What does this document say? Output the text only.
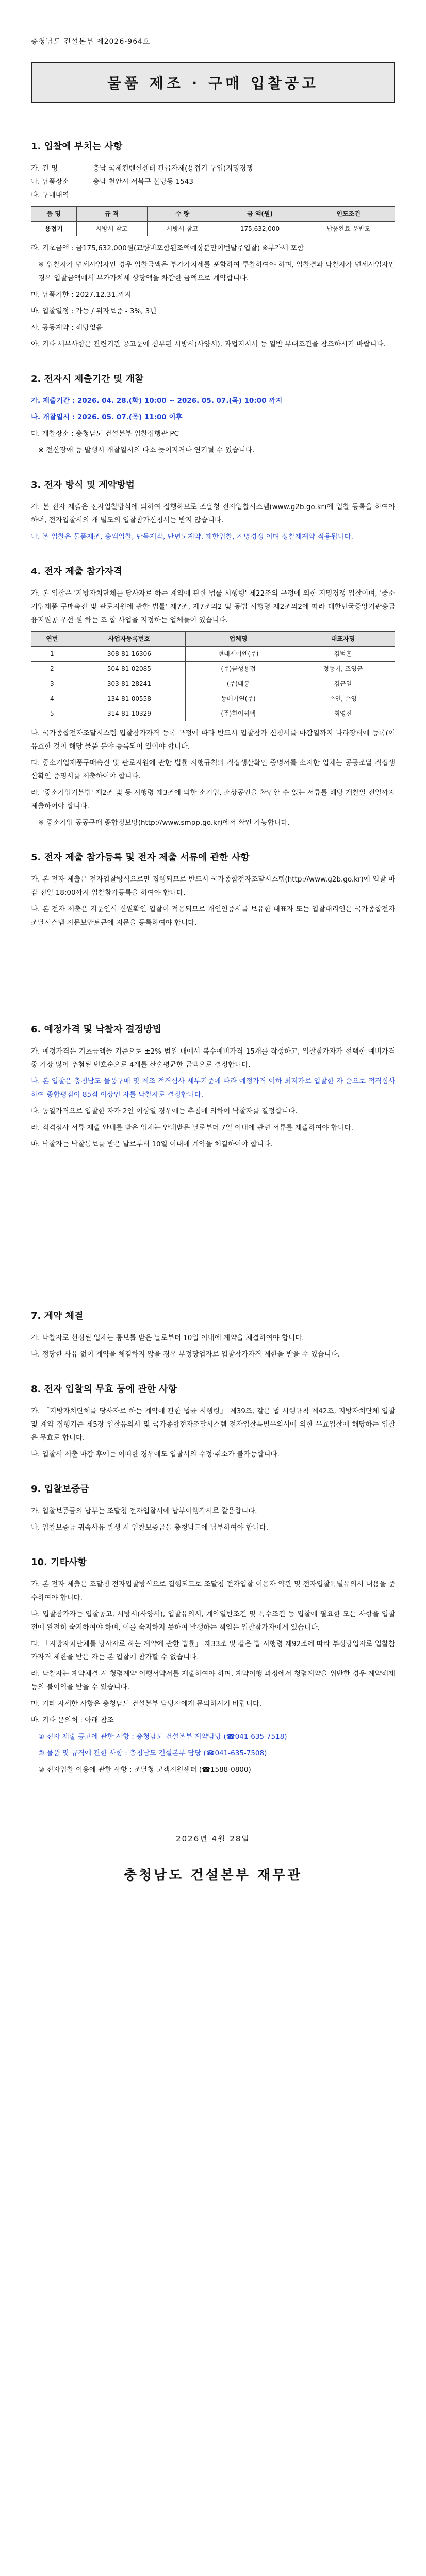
충청남도 건설본부 제2026-964호
물품 제조 · 구매 입찰공고
1. 입찰에 부치는 사항
가. 건 명	충남 국제컨벤션센터 관급자재(용접기 구입)지명경쟁
나. 납품장소	충남 천안시 서북구 불당동 1543
다. 구매내역
품 명	규 격	수 량	금 액(원)	인도조건
용접기	시방서 참고	시방서 참고	175,632,000	납품완료 운반도

라. 기초금액 : 금175,632,000원(교량비포함된조액예상분만이번발주입찰) ※부가세 포함

※ 입찰자가 면세사업자인 경우 입찰금액은 부가가치세를 포함하여 투찰하여야 하며, 입찰결과 낙찰자가 면세사업자인 경우 입찰금액에서 부가가치세 상당액을 차감한 금액으로 계약합니다.

마. 납품기한 : 2027.12.31.까지

바. 입찰일정 : 가능 / 위자보증 - 3%, 3년

사. 공동계약 : 해당없음

아. 기타 세부사항은 관련기관 공고문에 첨부된 시방서(사양서), 과업지시서 등 일반 부대조건을 참조하시기 바랍니다.

2. 전자시 제출기간 및 개찰

가. 제출기간 : 2026. 04. 28.(화) 10:00 ~ 2026. 05. 07.(목) 10:00 까지

나. 개찰일시 : 2026. 05. 07.(목) 11:00 이후

다. 개찰장소 : 충청남도 건설본부 입찰집행관 PC

※ 전산장애 등 발생시 개찰일시의 다소 늦어지거나 연기될 수 있습니다.

3. 전자 방식 및 계약방법

가. 본 전자 제출은 전자입찰방식에 의하여 집행하므로 조달청 전자입찰시스템(www.g2b.go.kr)에 입찰 등록을 하여야 하며, 전자입찰서의 개 별도의 입찰참가신청서는 받지 않습니다.

나. 본 입찰은 물품제조, 총액입찰, 단독제작, 단년도계약, 제한입찰, 지명경쟁 이며 정찰제계약 적용됩니다.

4. 전자 제출 참가자격

가. 본 입찰은 '지방자치단체를 당사자로 하는 계약에 관한 법률 시행령' 제22조의 규정에 의한 지명경쟁 입찰이며, '중소기업제품 구매촉진 및 판로지원에 관한 법률' 제7조, 제7조의2 및 동법 시행령 제2조의2에 따라 대한민국중앙기관총금융지원공 우선 원 하는 조 합 사업을 지정하는 업체들이 있습니다.

연번	사업자등록번호	업체명	대표자명
1	308-81-16306	현대제이엔(주)	김범훈
2	504-81-02085	(주)금성용접	정동기, 조영균
3	303-81-28241	(주)태봉	김근일
4	134-81-00558	동배기연(주)	손인, 손영
5	314-81-10329	(주)한이씨텍	최영진

나. 국가종합전자조달시스템 입찰참가자격 등록 규정에 따라 반드시 입찰참가 신청서를 마감일까지 나라장터에 등록(이 유효한 것이 해당 물품 분야 등록되어 있어야 합니다.

다. 중소기업제품구매촉진 및 판로지원에 관한 법률 시행규칙의 직접생산확인 증명서를 소지한 업체는 공공조달 직접생산확인 증명서를 제출하여야 합니다.

라. '중소기업기본법' 제2조 및 동 시행령 제3조에 의한 소기업, 소상공인을 확인할 수 있는 서류를 해당 개찰일 전일까지 제출하여야 합니다.

※ 중소기업 공공구매 종합정보망(http://www.smpp.go.kr)에서 확인 가능합니다.

5. 전자 제출 참가등록 및 전자 제출 서류에 관한 사항

가. 본 전자 제출은 전자입찰방식으로만 집행되므로 반드시 국가종합전자조달시스템(http://www.g2b.go.kr)에 입찰 마감 전일 18:00까지 입찰참가등록을 하여야 합니다.

나. 본 전자 제출은 지문인식 신원확인 입찰이 적용되므로 개인인증서를 보유한 대표자 또는 입찰대리인은 국가종합전자조달시스템 지문보안토큰에 지문을 등록하여야 합니다.

6. 예정가격 및 낙찰자 결정방법

가. 예정가격은 기초금액을 기준으로 ±2% 범위 내에서 복수예비가격 15개를 작성하고, 입찰참가자가 선택한 예비가격 중 가장 많이 추첨된 번호순으로 4개를 산술평균한 금액으로 결정합니다.

나. 본 입찰은 충청남도 물품구매 및 제조 적격심사 세부기준에 따라 예정가격 이하 최저가로 입찰한 자 순으로 적격심사하여 종합평점이 85점 이상인 자를 낙찰자로 결정합니다.

다. 동일가격으로 입찰한 자가 2인 이상일 경우에는 추첨에 의하여 낙찰자를 결정합니다.

라. 적격심사 서류 제출 안내를 받은 업체는 안내받은 날로부터 7일 이내에 관련 서류를 제출하여야 합니다.

마. 낙찰자는 낙찰통보를 받은 날로부터 10일 이내에 계약을 체결하여야 합니다.

7. 계약 체결

가. 낙찰자로 선정된 업체는 통보를 받은 날로부터 10일 이내에 계약을 체결하여야 합니다.

나. 정당한 사유 없이 계약을 체결하지 않을 경우 부정당업자로 입찰참가자격 제한을 받을 수 있습니다.

8. 전자 입찰의 무효 등에 관한 사항

가. 「지방자치단체를 당사자로 하는 계약에 관한 법률 시행령」 제39조, 같은 법 시행규칙 제42조, 지방자치단체 입찰 및 계약 집행기준 제5장 입찰유의서 및 국가종합전자조달시스템 전자입찰특별유의서에 의한 무효입찰에 해당하는 입찰은 무효로 합니다.

나. 입찰서 제출 마감 후에는 어떠한 경우에도 입찰서의 수정·취소가 불가능합니다.

9. 입찰보증금

가. 입찰보증금의 납부는 조달청 전자입찰서에 납부이행각서로 갈음합니다.

나. 입찰보증금 귀속사유 발생 시 입찰보증금을 충청남도에 납부하여야 합니다.

10. 기타사항

가. 본 전자 제출은 조달청 전자입찰방식으로 집행되므로 조달청 전자입찰 이용자 약관 및 전자입찰특별유의서 내용을 준수하여야 합니다.

나. 입찰참가자는 입찰공고, 시방서(사양서), 입찰유의서, 계약일반조건 및 특수조건 등 입찰에 필요한 모든 사항을 입찰 전에 완전히 숙지하여야 하며, 이를 숙지하지 못하여 발생하는 책임은 입찰참가자에게 있습니다.

다. 「지방자치단체를 당사자로 하는 계약에 관한 법률」 제33조 및 같은 법 시행령 제92조에 따라 부정당업자로 입찰참가자격 제한을 받은 자는 본 입찰에 참가할 수 없습니다.

라. 낙찰자는 계약체결 시 청렴계약 이행서약서를 제출하여야 하며, 계약이행 과정에서 청렴계약을 위반한 경우 계약해제 등의 불이익을 받을 수 있습니다.

마. 기타 자세한 사항은 충청남도 건설본부 담당자에게 문의하시기 바랍니다.

바. 기타 문의처 : 아래 참조

① 전자 제출 공고에 관한 사항 : 충청남도 건설본부 계약담당 (☎041-635-7518)

② 물품 및 규격에 관한 사항 : 충청남도 건설본부 담당 (☎041-635-7508)

③ 전자입찰 이용에 관한 사항 : 조달청 고객지원센터 (☎1588-0800)

2026년 4월 28일
충청남도 건설본부 재무관
